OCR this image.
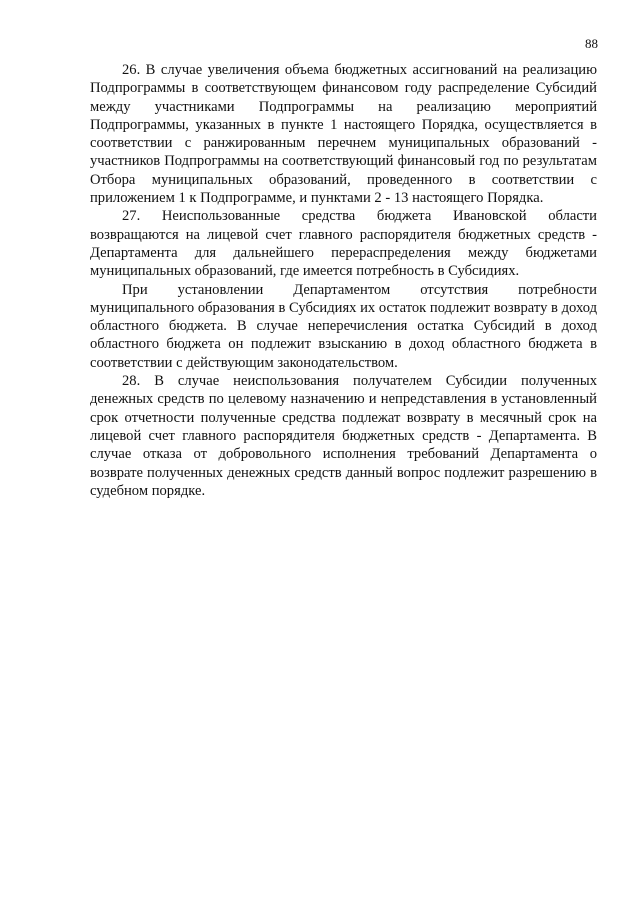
88

26. В случае увеличения объема бюджетных ассигнований на реализацию Подпрограммы в соответствующем финансовом году распределение Субсидий между участниками Подпрограммы на реализацию мероприятий Подпрограммы, указанных в пункте 1 настоящего Порядка, осуществляется в соответствии с ранжированным перечнем муниципальных образований - участников Подпрограммы на соответствующий финансовый год по результатам Отбора муниципальных образований, проведенного в соответствии с приложением 1 к Подпрограмме, и пунктами 2 - 13 настоящего Порядка.

27. Неиспользованные средства бюджета Ивановской области возвращаются на лицевой счет главного распорядителя бюджетных средств - Департамента для дальнейшего перераспределения между бюджетами муниципальных образований, где имеется потребность в Субсидиях.

При установлении Департаментом отсутствия потребности муниципального образования в Субсидиях их остаток подлежит возврату в доход областного бюджета. В случае неперечисления остатка Субсидий в доход областного бюджета он подлежит взысканию в доход областного бюджета в соответствии с действующим законодательством.

28. В случае неиспользования получателем Субсидии полученных денежных средств по целевому назначению и непредставления в установленный срок отчетности полученные средства подлежат возврату в месячный срок на лицевой счет главного распорядителя бюджетных средств - Департамента. В случае отказа от добровольного исполнения требований Департамента о возврате полученных денежных средств данный вопрос подлежит разрешению в судебном порядке.
